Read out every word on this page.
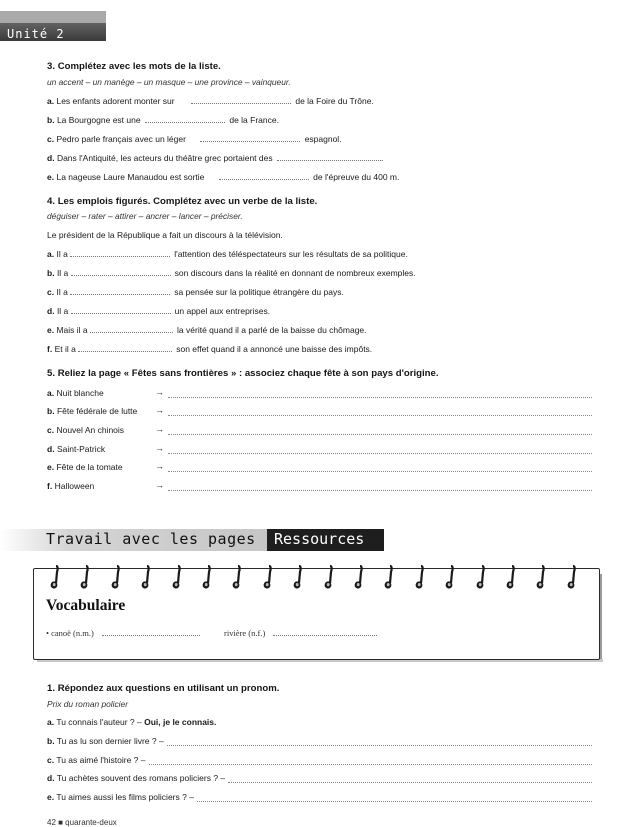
Unité 2
3. Complétez avec les mots de la liste.
un accent – un manège – un masque – une province – vainqueur.
a. Les enfants adorent monter sur	de la Foire du Trône.
b. La Bourgogne est une	de la France.
c. Pedro parle français avec un léger	espagnol.
d. Dans l'Antiquité, les acteurs du théâtre grec portaient des	.
e. La nageuse Laure Manaudou est sortie	de l'épreuve du 400 m.
4. Les emplois figurés. Complétez avec un verbe de la liste.
déguiser – rater – attirer – ancrer – lancer – préciser.
Le président de la République a fait un discours à la télévision.
a. Il a	l'attention des téléspectateurs sur les résultats de sa politique.
b. Il a	son discours dans la réalité en donnant de nombreux exemples.
c. Il a	sa pensée sur la politique étrangère du pays.
d. Il a	un appel aux entreprises.
e. Mais il a	la vérité quand il a parlé de la baisse du chômage.
f. Et il a	son effet quand il a annoncé une baisse des impôts.
5. Reliez la page « Fêtes sans frontières » : associez chaque fête à son pays d'origine.
a. Nuit blanche	→
b. Fête fédérale de lutte →
c. Nouvel An chinois	→
d. Saint-Patrick	→
e. Fête de la tomate	→
f. Halloween	→
Travail avec les pages	Ressources
Vocabulaire
• canoë (n.m.)	rivière (n.f.)
1. Répondez aux questions en utilisant un pronom.
Prix du roman policier
a. Tu connais l'auteur ? – Oui, je le connais.
b. Tu as lu son dernier livre ? –
c. Tu as aimé l'histoire ? –
d. Tu achètes souvent des romans policiers ? –
e. Tu aimes aussi les films policiers ? –
42 ■ quarante-deux
